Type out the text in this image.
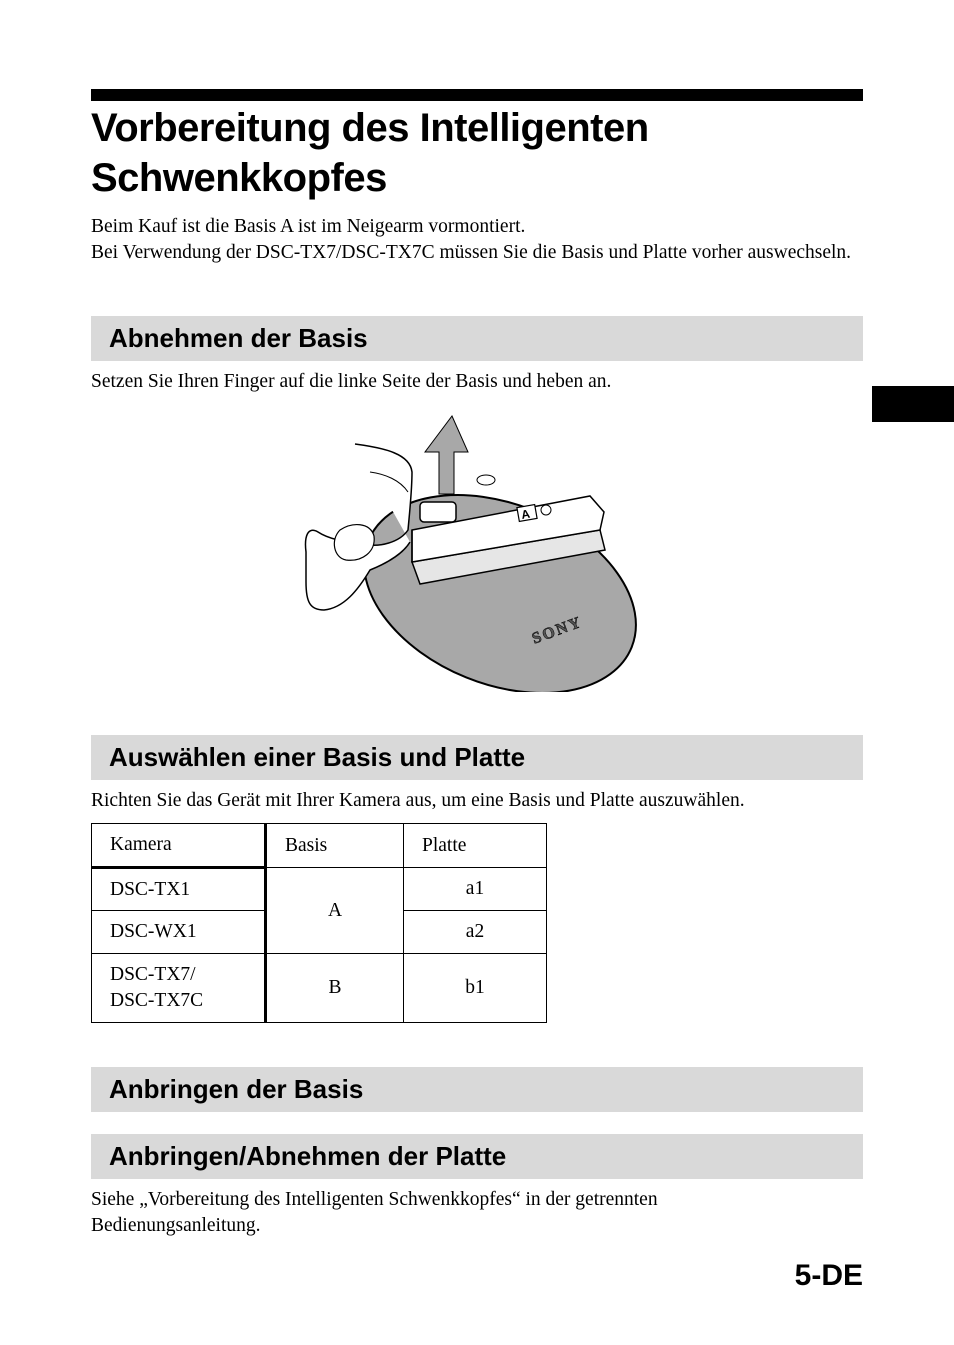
Vorbereitung des Intelligenten
Schwenkkopfes

Beim Kauf ist die Basis A ist im Neigearm vormontiert.
Bei Verwendung der DSC-TX7/DSC-TX7C müssen Sie die Basis und Platte vorher auswechseln.

Abnehmen der Basis

Setzen Sie Ihren Finger auf die linke Seite der Basis und heben an.

A
SONY
Auswählen einer Basis und Platte

Richten Sie das Gerät mit Ihrer Kamera aus, um eine Basis und Platte auszuwählen.

Kamera	Basis	Platte
DSC-TX1	A	a1
DSC-WX1		a2
DSC-TX7/
DSC-TX7C	B	b1
Anbringen der Basis
Anbringen/Abnehmen der Platte

Siehe „Vorbereitung des Intelligenten Schwenkkopfes“ in der getrennten Bedienungsanleitung.

5-DE
